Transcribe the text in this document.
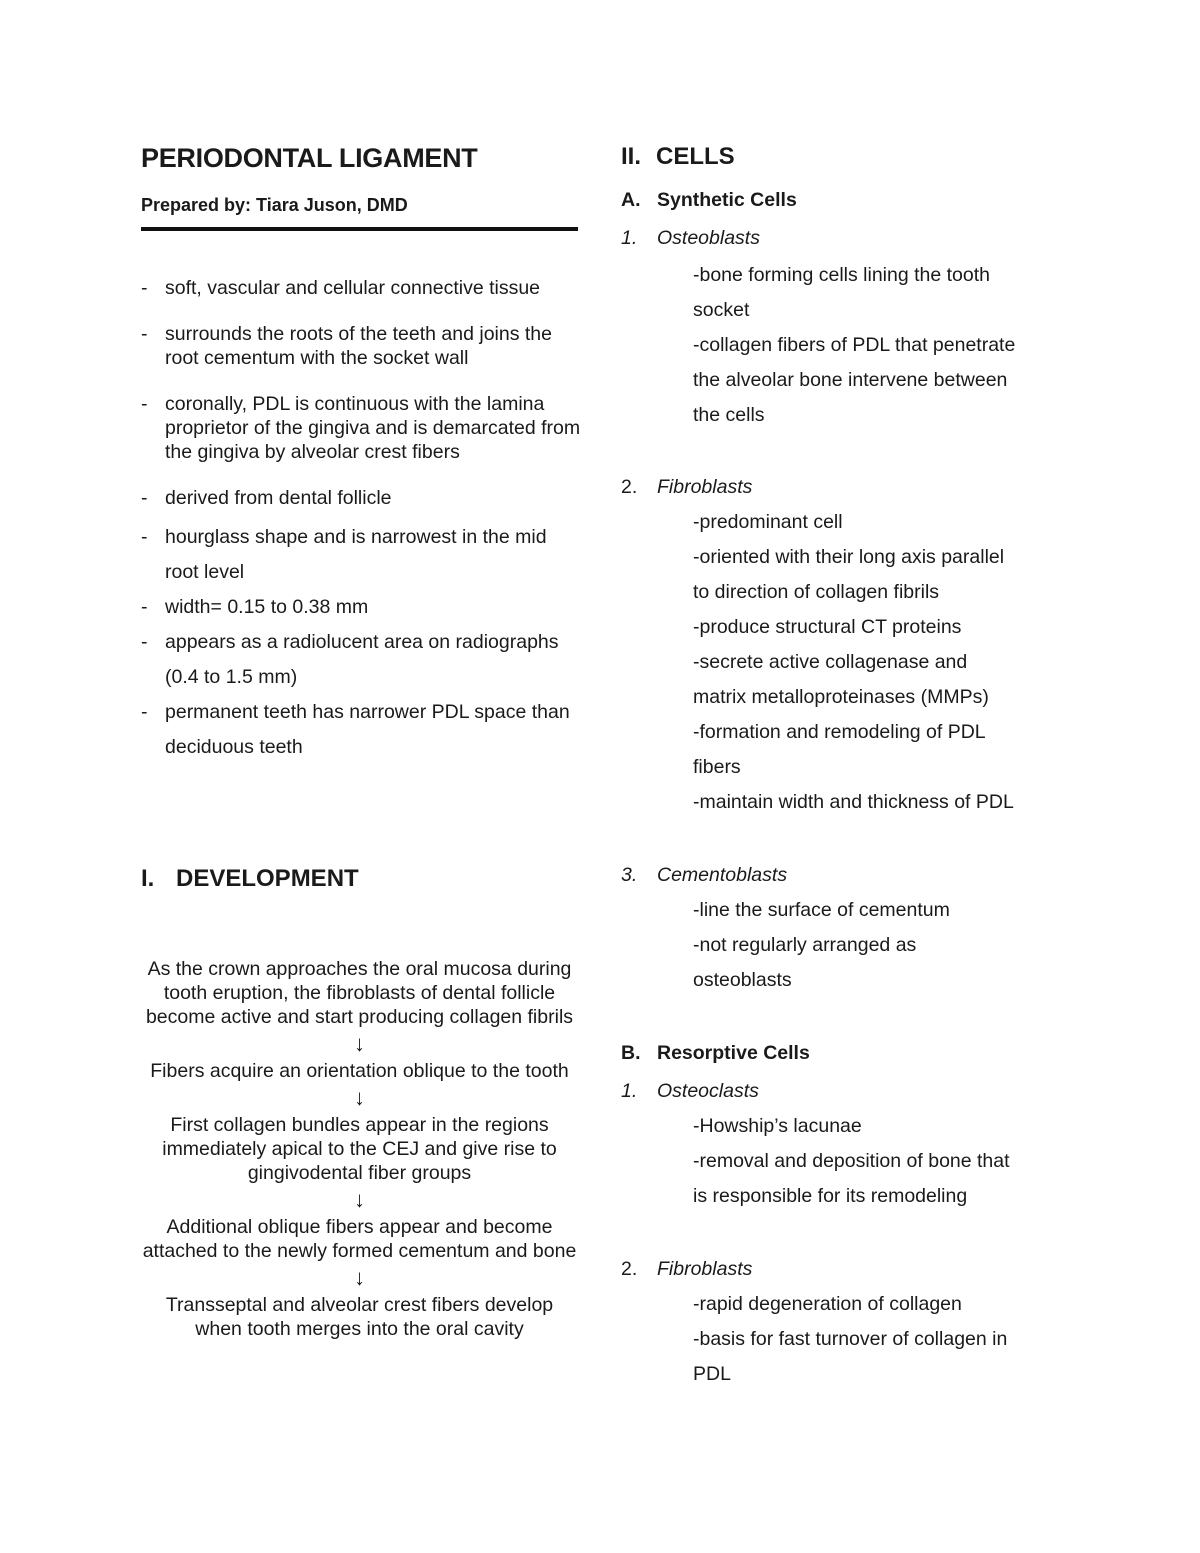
PERIODONTAL LIGAMENT
Prepared by: Tiara Juson, DMD
- soft, vascular and cellular connective tissue
- surrounds the roots of the teeth and joins the root cementum with the socket wall
- coronally, PDL is continuous with the lamina proprietor of the gingiva and is demarcated from the gingiva by alveolar crest fibers
- derived from dental follicle
- hourglass shape and is narrowest in the mid root level
- width= 0.15 to 0.38 mm
- appears as a radiolucent area on radiographs (0.4 to 1.5 mm)
- permanent teeth has narrower PDL space than deciduous teeth
I. DEVELOPMENT
As the crown approaches the oral mucosa during tooth eruption, the fibroblasts of dental follicle become active and start producing collagen fibrils
↓
Fibers acquire an orientation oblique to the tooth
↓
First collagen bundles appear in the regions immediately apical to the CEJ and give rise to gingivodental fiber groups
↓
Additional oblique fibers appear and become attached to the newly formed cementum and bone
↓
Transseptal and alveolar crest fibers develop when tooth merges into the oral cavity
II. CELLS
A. Synthetic Cells
1. Osteoblasts
-bone forming cells lining the tooth
socket
-collagen fibers of PDL that penetrate
the alveolar bone intervene between
the cells
2. Fibroblasts
-predominant cell
-oriented with their long axis parallel
to direction of collagen fibrils
-produce structural CT proteins
-secrete active collagenase and
matrix metalloproteinases (MMPs)
-formation and remodeling of PDL
fibers
-maintain width and thickness of PDL
3. Cementoblasts
-line the surface of cementum
-not regularly arranged as
osteoblasts
B. Resorptive Cells
1. Osteoclasts
-Howship’s lacunae
-removal and deposition of bone that
is responsible for its remodeling
2. Fibroblasts
-rapid degeneration of collagen
-basis for fast turnover of collagen in
PDL
